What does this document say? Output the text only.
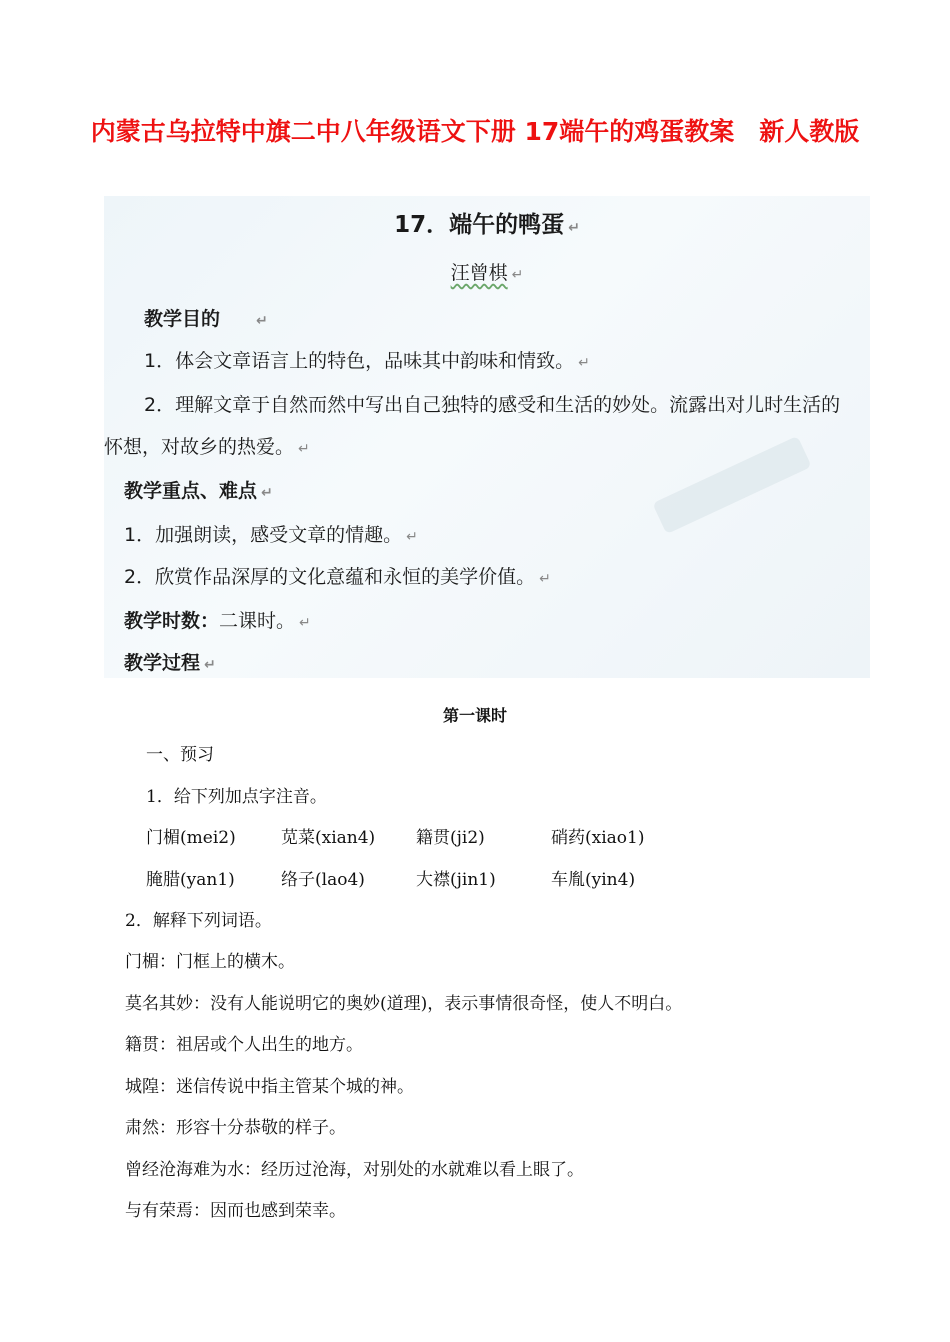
内蒙古乌拉特中旗二中八年级语文下册 17端午的鸡蛋教案　新人教版
17．端午的鸭蛋 ↵
汪曾棋 ↵
教学目的	↵
1．体会文章语言上的特色，品味其中韵味和情致。 ↵
2．理解文章于自然而然中写出自己独特的感受和生活的妙处。流露出对儿时生活的
怀想，对故乡的热爱。 ↵
教学重点、难点 ↵
1．加强朗读，感受文章的情趣。 ↵
2．欣赏作品深厚的文化意蕴和永恒的美学价值。 ↵
教学时数：二课时。 ↵
教学过程 ↵
第一课时
一、预习
1．给下列加点字注音。
门楣(mei2)	苋菜(xian4) 籍贯(ji2)	硝药(xiao1)
腌腊(yan1)	络子(lao4)	大襟(jin1)	车胤(yin4)
2．解释下列词语。
门楣：门框上的横木。
莫名其妙：没有人能说明它的奥妙(道理)，表示事情很奇怪，使人不明白。
籍贯：祖居或个人出生的地方。
城隍：迷信传说中指主管某个城的神。
肃然：形容十分恭敬的样子。
曾经沧海难为水：经历过沧海，对别处的水就难以看上眼了。
与有荣焉：因而也感到荣幸。
